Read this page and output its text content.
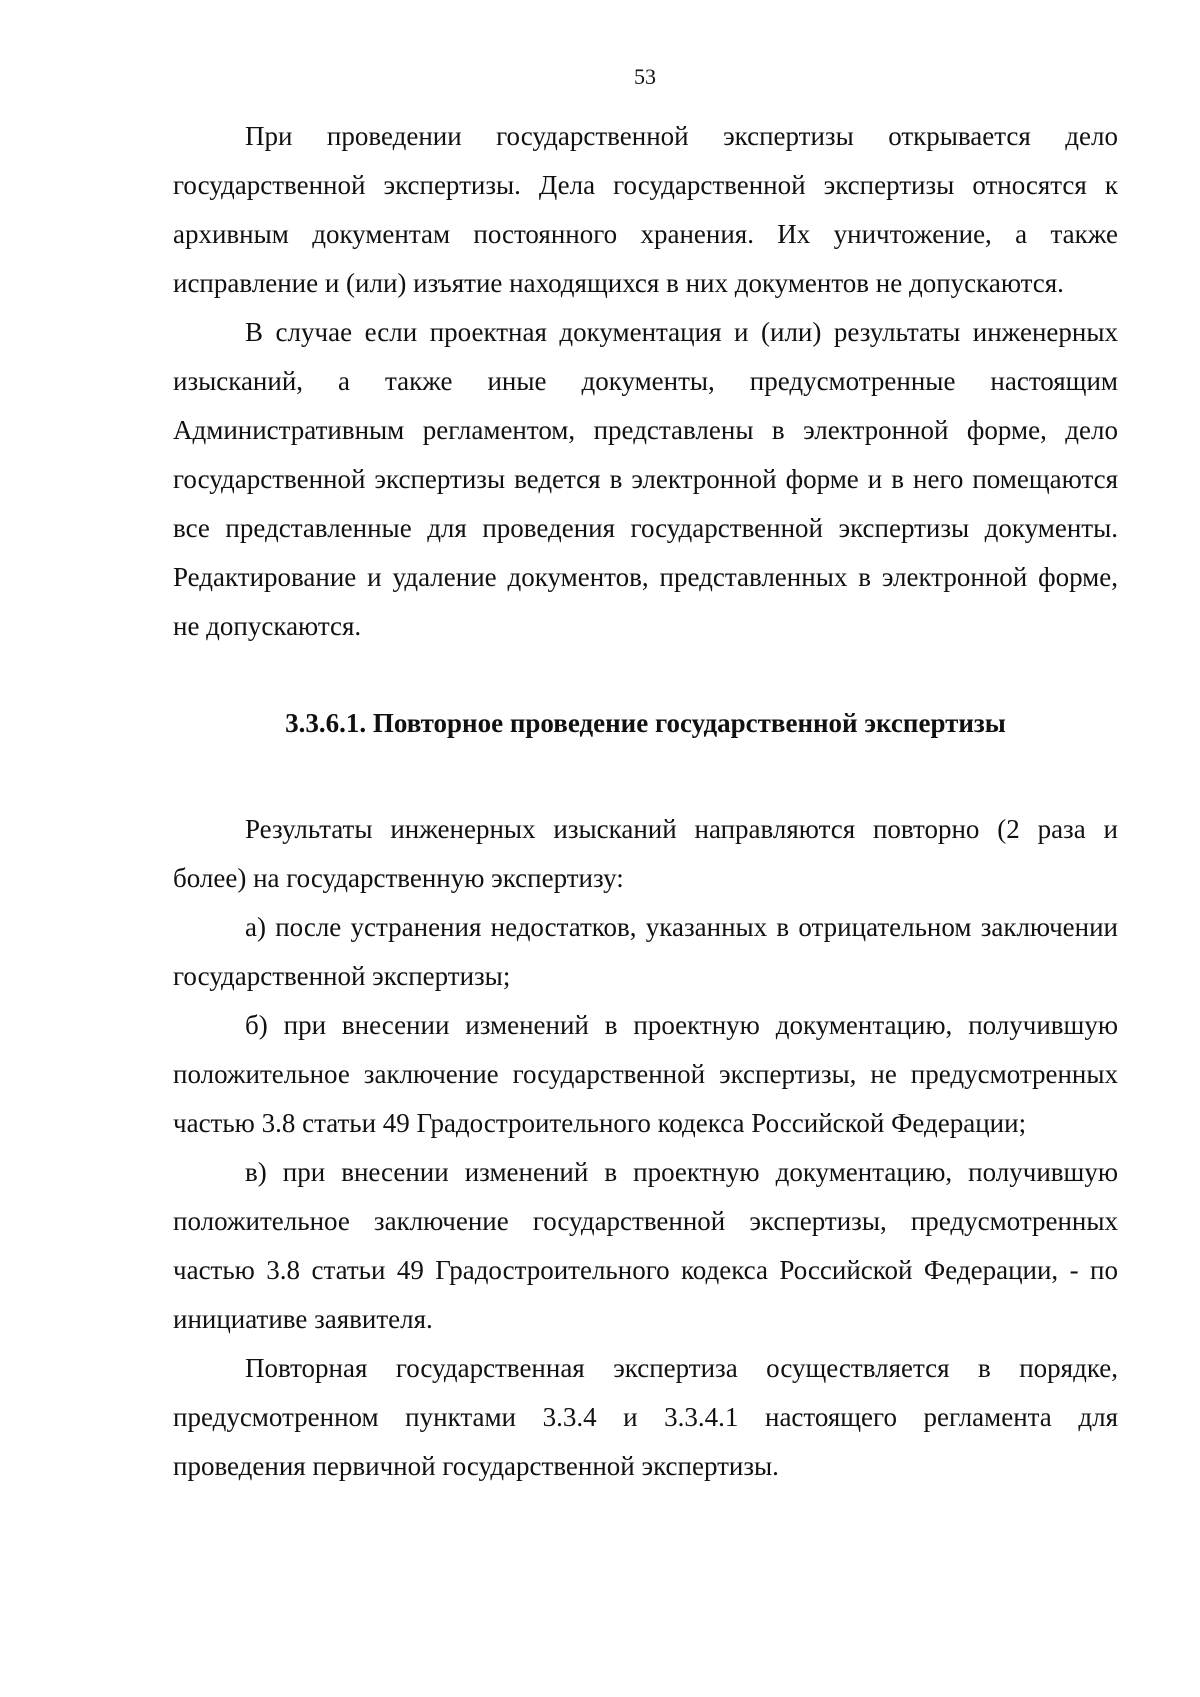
53

При проведении государственной экспертизы открывается дело государственной экспертизы. Дела государственной экспертизы относятся к архивным документам постоянного хранения. Их уничтожение, а также исправление и (или) изъятие находящихся в них документов не допускаются.

В случае если проектная документация и (или) результаты инженерных изысканий, а также иные документы, предусмотренные настоящим Административным регламентом, представлены в электронной форме, дело государственной экспертизы ведется в электронной форме и в него помещаются все представленные для проведения государственной экспертизы документы. Редактирование и удаление документов, представленных в электронной форме, не допускаются.

3.3.6.1. Повторное проведение государственной экспертизы

Результаты инженерных изысканий направляются повторно (2 раза и более) на государственную экспертизу:

а) после устранения недостатков, указанных в отрицательном заключении государственной экспертизы;

б) при внесении изменений в проектную документацию, получившую положительное заключение государственной экспертизы, не предусмотренных частью 3.8 статьи 49 Градостроительного кодекса Российской Федерации;

в) при внесении изменений в проектную документацию, получившую положительное заключение государственной экспертизы, предусмотренных частью 3.8 статьи 49 Градостроительного кодекса Российской Федерации, - по инициативе заявителя.

Повторная государственная экспертиза осуществляется в порядке, предусмотренном пунктами 3.3.4 и 3.3.4.1 настоящего регламента для проведения первичной государственной экспертизы.
